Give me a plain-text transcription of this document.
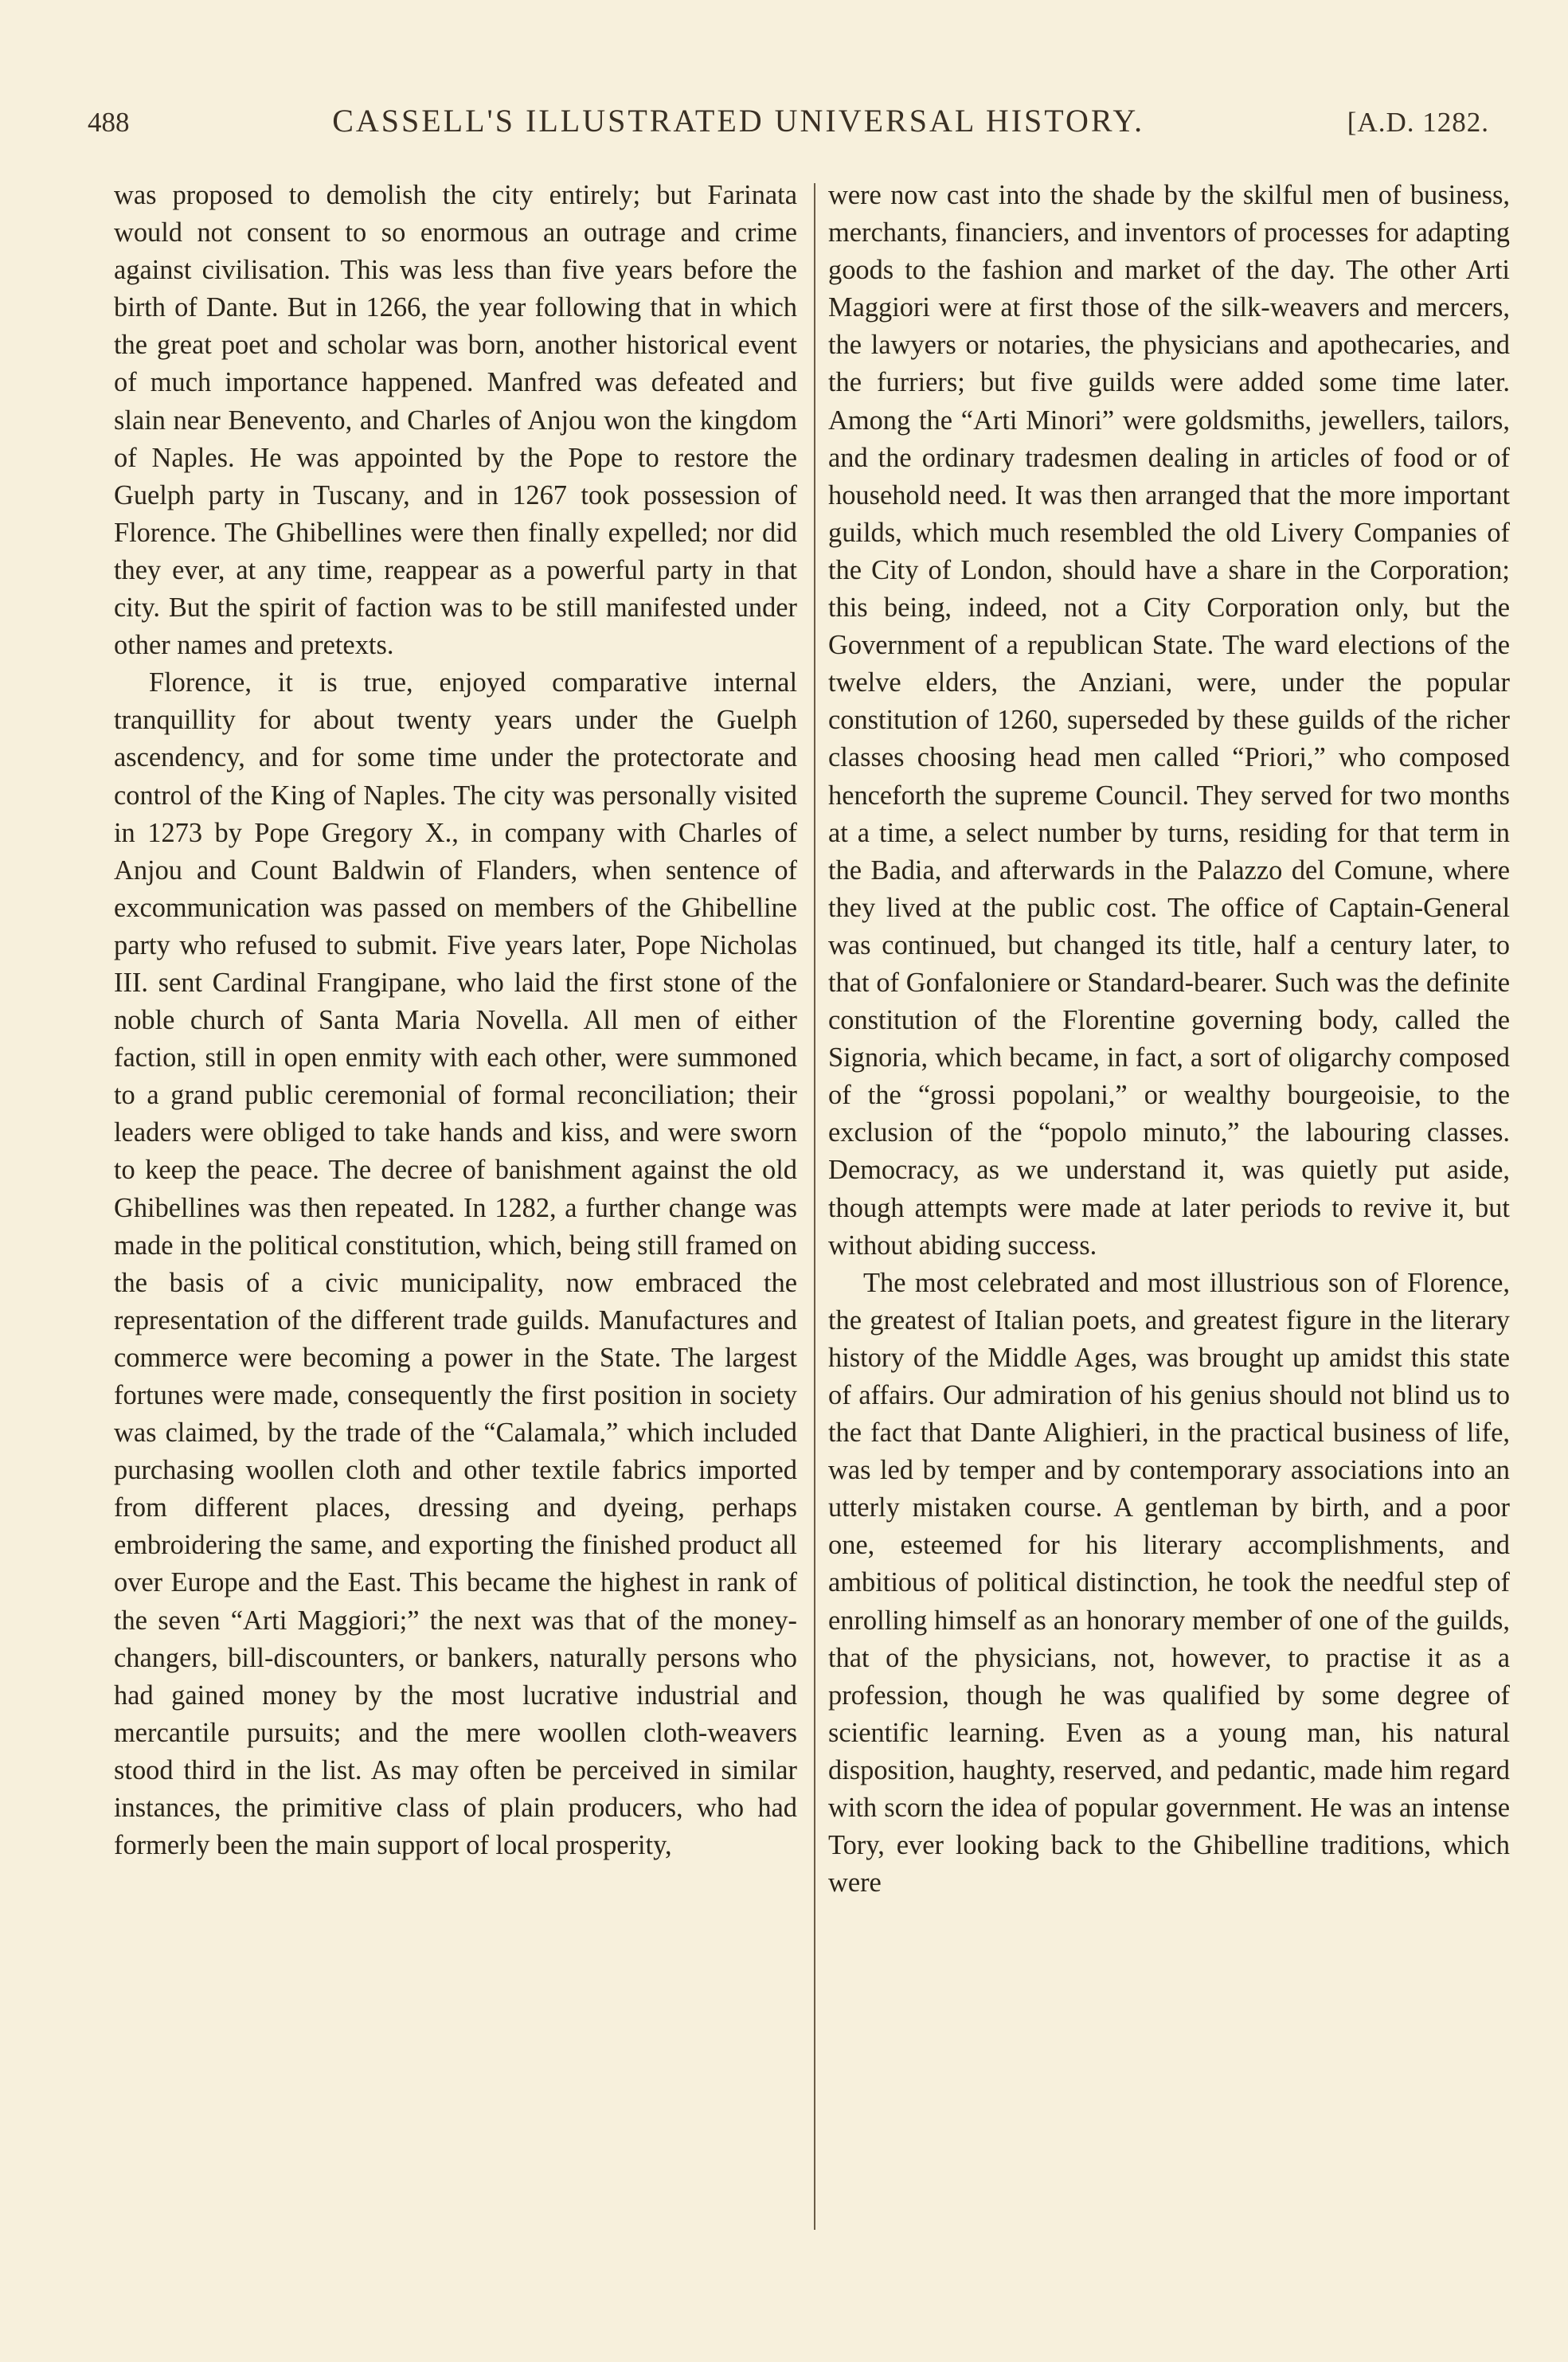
488	CASSELL'S ILLUSTRATED UNIVERSAL HISTORY.	[A.D. 1282.

was proposed to demolish the city entirely; but Farinata would not consent to so enormous an outrage and crime against civilisation. This was less than five years before the birth of Dante. But in 1266, the year following that in which the great poet and scholar was born, another historical event of much importance happened. Manfred was defeated and slain near Benevento, and Charles of Anjou won the kingdom of Naples. He was appointed by the Pope to restore the Guelph party in Tuscany, and in 1267 took possession of Florence. The Ghibellines were then finally expelled; nor did they ever, at any time, reappear as a powerful party in that city. But the spirit of faction was to be still manifested under other names and pretexts.

Florence, it is true, enjoyed comparative internal tranquillity for about twenty years under the Guelph ascendency, and for some time under the protectorate and control of the King of Naples. The city was personally visited in 1273 by Pope Gregory X., in company with Charles of Anjou and Count Baldwin of Flanders, when sentence of excommunication was passed on members of the Ghibelline party who refused to submit. Five years later, Pope Nicholas III. sent Cardinal Frangipane, who laid the first stone of the noble church of Santa Maria Novella. All men of either faction, still in open enmity with each other, were summoned to a grand public ceremonial of formal reconciliation; their leaders were obliged to take hands and kiss, and were sworn to keep the peace. The decree of banishment against the old Ghibellines was then repeated. In 1282, a further change was made in the political constitution, which, being still framed on the basis of a civic municipality, now embraced the representation of the different trade guilds. Manufactures and commerce were becoming a power in the State. The largest fortunes were made, consequently the first position in society was claimed, by the trade of the “Calamala,” which included purchasing woollen cloth and other textile fabrics imported from different places, dressing and dyeing, perhaps embroidering the same, and exporting the finished product all over Europe and the East. This became the highest in rank of the seven “Arti Maggiori;” the next was that of the money-changers, bill-discounters, or bankers, naturally persons who had gained money by the most lucrative industrial and mercantile pursuits; and the mere woollen cloth-weavers stood third in the list. As may often be perceived in similar instances, the primitive class of plain producers, who had formerly been the main support of local prosperity,

were now cast into the shade by the skilful men of business, merchants, financiers, and inventors of processes for adapting goods to the fashion and market of the day. The other Arti Maggiori were at first those of the silk-weavers and mercers, the lawyers or notaries, the physicians and apothecaries, and the furriers; but five guilds were added some time later. Among the “Arti Minori” were goldsmiths, jewellers, tailors, and the ordinary tradesmen dealing in articles of food or of household need. It was then arranged that the more important guilds, which much resembled the old Livery Companies of the City of London, should have a share in the Corporation; this being, indeed, not a City Corporation only, but the Government of a republican State. The ward elections of the twelve elders, the Anziani, were, under the popular constitution of 1260, superseded by these guilds of the richer classes choosing head men called “Priori,” who composed henceforth the supreme Council. They served for two months at a time, a select number by turns, residing for that term in the Badia, and afterwards in the Palazzo del Comune, where they lived at the public cost. The office of Captain-General was continued, but changed its title, half a century later, to that of Gonfaloniere or Standard-bearer. Such was the definite constitution of the Florentine governing body, called the Signoria, which became, in fact, a sort of oligarchy composed of the “grossi popolani,” or wealthy bourgeoisie, to the exclusion of the “popolo minuto,” the labouring classes. Democracy, as we understand it, was quietly put aside, though attempts were made at later periods to revive it, but without abiding success.

The most celebrated and most illustrious son of Florence, the greatest of Italian poets, and greatest figure in the literary history of the Middle Ages, was brought up amidst this state of affairs. Our admiration of his genius should not blind us to the fact that Dante Alighieri, in the practical business of life, was led by temper and by contemporary associations into an utterly mistaken course. A gentleman by birth, and a poor one, esteemed for his literary accomplishments, and ambitious of political distinction, he took the needful step of enrolling himself as an honorary member of one of the guilds, that of the physicians, not, however, to practise it as a profession, though he was qualified by some degree of scientific learning. Even as a young man, his natural disposition, haughty, reserved, and pedantic, made him regard with scorn the idea of popular government. He was an intense Tory, ever looking back to the Ghibelline traditions, which were
